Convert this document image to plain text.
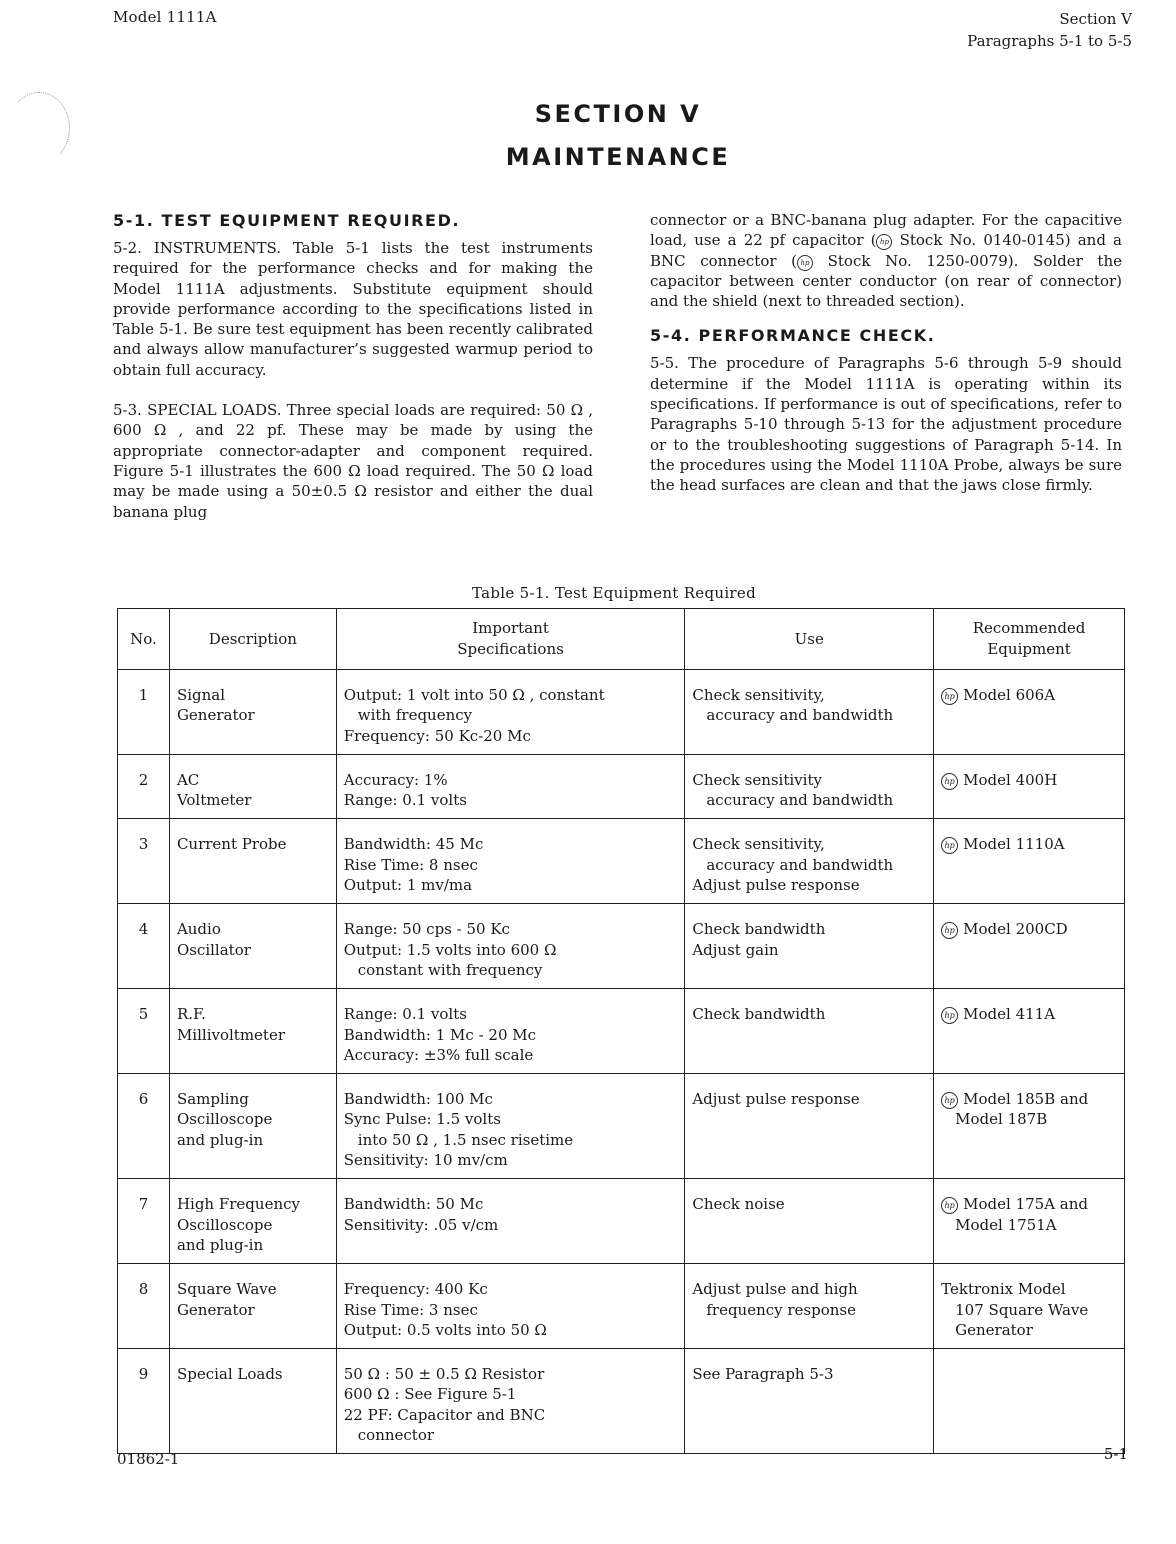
Model 1111A	Section V
Paragraphs 5-1 to 5-5
SECTION V
MAINTENANCE
5-1. TEST EQUIPMENT REQUIRED.

5-2. INSTRUMENTS. Table 5-1 lists the test instruments required for the performance checks and for making the Model 1111A adjustments. Substitute equipment should provide performance according to the specifications listed in Table 5-1. Be sure test equipment has been recently calibrated and always allow manufacturer’s suggested warmup period to obtain full accuracy.

5-3. SPECIAL LOADS. Three special loads are required: 50 Ω , 600 Ω , and 22 pf. These may be made by using the appropriate connector-adapter and component required. Figure 5-1 illustrates the 600 Ω load required. The 50 Ω load may be made using a 50±0.5 Ω resistor and either the dual banana plug

connector or a BNC-banana plug adapter. For the capacitive load, use a 22 pf capacitor ( hp Stock No. 0140-0145) and a BNC connector ( hp Stock No. 1250-0079). Solder the capacitor between center conductor (on rear of connector) and the shield (next to threaded section).

5-4. PERFORMANCE CHECK.

5-5. The procedure of Paragraphs 5-6 through 5-9 should determine if the Model 1111A is operating within its specifications. If performance is out of specifications, refer to Paragraphs 5-10 through 5-13 for the adjustment procedure or to the troubleshooting suggestions of Paragraph 5-14. In the procedures using the Model 1110A Probe, always be sure the head surfaces are clean and that the jaws close firmly.

Table 5-1. Test Equipment Required
No.	Description	Important
Specifications	Use	Recommended
Equipment

1	Signal
Generator	Output: 1 volt into 50 Ω , constant
with frequency
Frequency: 50 Kc-20 Mc	Check sensitivity,
accuracy and bandwidth	hp Model 606A

2	AC
Voltmeter	Accuracy: 1%
Range: 0.1 volts	Check sensitivity
accuracy and bandwidth	hp Model 400H

3	Current Probe	Bandwidth: 45 Mc
Rise Time: 8 nsec
Output: 1 mv/ma	Check sensitivity,
accuracy and bandwidth
Adjust pulse response	hp Model 1110A

4	Audio
Oscillator	Range: 50 cps - 50 Kc
Output: 1.5 volts into 600 Ω
constant with frequency	Check bandwidth
Adjust gain	hp Model 200CD

5	R.F.
Millivoltmeter	Range: 0.1 volts
Bandwidth: 1 Mc - 20 Mc
Accuracy: ±3% full scale	Check bandwidth	hp Model 411A

6	Sampling
Oscilloscope
and plug-in	Bandwidth: 100 Mc
Sync Pulse: 1.5 volts
into 50 Ω , 1.5 nsec risetime
Sensitivity: 10 mv/cm	Adjust pulse response	hp Model 185B and
Model 187B

7	High Frequency
Oscilloscope
and plug-in	Bandwidth: 50 Mc
Sensitivity: .05 v/cm	Check noise	hp Model 175A and
Model 1751A

8	Square Wave
Generator	Frequency: 400 Kc
Rise Time: 3 nsec
Output: 0.5 volts into 50 Ω	Adjust pulse and high
frequency response	Tektronix Model
107 Square Wave
Generator

9	Special Loads	50 Ω : 50 ± 0.5 Ω Resistor
600 Ω : See Figure 5-1
22 PF: Capacitor and BNC
connector	See Paragraph 5-3	

01862-1	5-1
